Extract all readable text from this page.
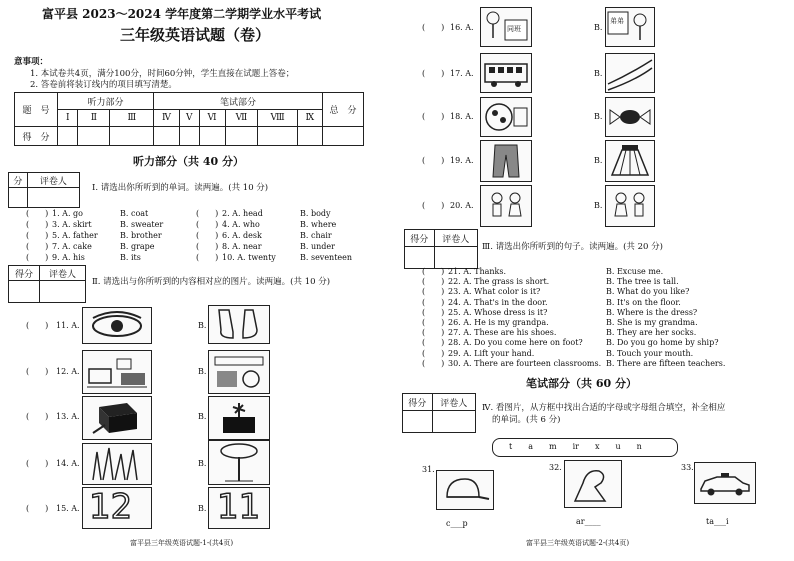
富平县 2023～2024 学年度第二学期学业水平考试
三年级英语试题（卷）
意事项：
1. 本试卷共4页，满分100分，时间60分钟，学生直接在试题上答卷；
2. 答卷前将装订线内的项目填写清楚。
题　号	听力部分			笔试部分						总　分
	Ⅰ	Ⅱ	Ⅲ	Ⅳ	Ⅴ	Ⅵ	Ⅶ	Ⅷ	Ⅸ	
得　分										
听力部分（共 40 分）
分	评卷人

Ⅰ. 请选出你所听到的单词。读两遍。(共 10 分)
(　　) 1. A. go	B. coat
(　　) 3. A. skirt	B. sweater
(　　) 5. A. father	B. brother
(　　) 7. A. cake	B. grape
(　　) 9. A. his	B. its
(　　) 2. A. head	B. body
(　　) 4. A. who	B. where
(　　) 6. A. desk	B. chair
(　　) 8. A. near	B. under
(　　) 10. A. twenty	B. seventeen
得分	评卷人

Ⅱ. 请选出与你所听到的内容相对应的图片。读两遍。(共 10 分)
(　　) 11. A.	B.
(　　) 12. A.	B.
(　　) 13. A.	B.
(　　) 14. A.	B.
(　　) 15. A.	B.
12 11
富平县三年级英语试题-1-(共4页)
(　　) 16. A.	B.
(　　) 17. A.	B.
(　　) 18. A.	B.
(　　) 19. A.	B.
(　　) 20. A.	B.
同班
弟弟
得分	评卷人

Ⅲ. 请选出你所听到的句子。读两遍。(共 20 分)
(　　) 21. A. Thanks.	B. Excuse me.
(　　) 22. A. The grass is short.	B. The tree is tall.
(　　) 23. A. What color is it?	B. What do you like?
(　　) 24. A. That's in the door.	B. It's on the floor.
(　　) 25. A. Whose dress is it?	B. Where is the dress?
(　　) 26. A. He is my grandpa.	B. She is my grandma.
(　　) 27. A. These are his shoes.	B. They are her socks.
(　　) 28. A. Do you come here on foot?	B. Do you go home by ship?
(　　) 29. A. Lift your hand.	B. Touch your mouth.
(　　) 30. A. There are fourteen classrooms. B. There are fifteen teachers.
笔试部分（共 60 分）
得分	评卷人
	Ⅳ. 看图片，从方框中找出合适的字母或字母组合填空，补全相应
的单词。(共 6 分)
t　　a　　m　　ir　　x　　u　　n
31.
c___p
32.
ar____
33.
ta___i
富平县三年级英语试题-2-(共4页)
